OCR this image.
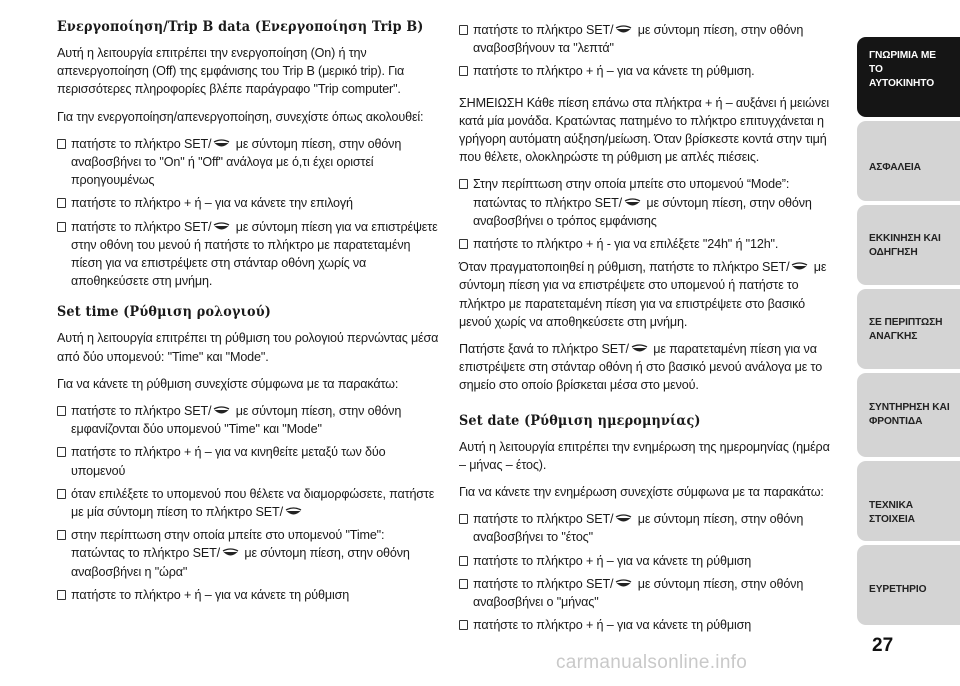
Ενεργοποίηση/Trip B data (Ενεργοποίηση Trip B)

Αυτή η λειτουργία επιτρέπει την ενεργοποίηση (On) ή την απενεργοποίηση (Off) της εμφάνισης του Trip B (μερικό trip). Για περισσότερες πληροφορίες βλέπε παράγραφο "Trip computer".

Για την ενεργοποίηση/απενεργοποίηση, συνεχίστε όπως ακολουθεί:

πατήστε το πλήκτρο SET/ με σύντομη πίεση, στην οθόνη αναβοσβήνει το "On" ή "Off" ανάλογα με ό,τι έχει οριστεί προηγουμένως
πατήστε το πλήκτρο + ή – για να κάνετε την επιλογή
πατήστε το πλήκτρο SET/ με σύντομη πίεση για να επιστρέψετε στην οθόνη του μενού ή πατήστε το πλήκτρο με παρατεταμένη πίεση για να επιστρέψετε στη στάνταρ οθόνη χωρίς να αποθηκεύσετε στη μνήμη.
Set time (Ρύθμιση ρολογιού)

Αυτή η λειτουργία επιτρέπει τη ρύθμιση του ρολογιού περνώντας μέσα από δύο υπομενού: "Time" και "Mode".

Για να κάνετε τη ρύθμιση συνεχίστε σύμφωνα με τα παρακάτω:

πατήστε το πλήκτρο SET/ με σύντομη πίεση, στην οθόνη εμφανίζονται δύο υπομενού "Time" και "Mode"
πατήστε το πλήκτρο + ή – για να κινηθείτε μεταξύ των δύο υπομενού
όταν επιλέξετε το υπομενού που θέλετε να διαμορφώσετε, πατήστε με μία σύντομη πίεση το πλήκτρο SET/
στην περίπτωση στην οποία μπείτε στο υπομενού "Time": πατώντας το πλήκτρο SET/ με σύντομη πίεση, στην οθόνη αναβοσβήνει η "ώρα"
πατήστε το πλήκτρο + ή – για να κάνετε τη ρύθμιση
πατήστε το πλήκτρο SET/ με σύντομη πίεση, στην οθόνη αναβοσβήνουν τα "λεπτά"
πατήστε το πλήκτρο + ή – για να κάνετε τη ρύθμιση.

ΣΗΜΕΙΩΣΗ Κάθε πίεση επάνω στα πλήκτρα + ή – αυξάνει ή μειώνει κατά μία μονάδα. Κρατώντας πατημένο το πλήκτρο επιτυγχάνεται η γρήγορη αυτόματη αύξηση/μείωση. Όταν βρίσκεστε κοντά στην τιμή που θέλετε, ολοκληρώστε τη ρύθμιση με απλές πιέσεις.

Στην περίπτωση στην οποία μπείτε στο υπομενού “Mode”: πατώντας το πλήκτρο SET/ με σύντομη πίεση, στην οθόνη αναβοσβήνει ο τρόπος εμφάνισης
πατήστε το πλήκτρο + ή - για να επιλέξετε "24h" ή "12h".

Όταν πραγματοποιηθεί η ρύθμιση, πατήστε το πλήκτρο SET/ με σύντομη πίεση για να επιστρέψετε στο υπομενού ή πατήστε το πλήκτρο με παρατεταμένη πίεση για να επιστρέψετε στο βασικό μενού χωρίς να αποθηκεύσετε στη μνήμη.

Πατήστε ξανά το πλήκτρο SET/ με παρατεταμένη πίεση για να επιστρέψετε στη στάνταρ οθόνη ή στο βασικό μενού ανάλογα με το σημείο στο οποίο βρίσκεται μέσα στο μενού.

Set date (Ρύθμιση ημερομηνίας)

Αυτή η λειτουργία επιτρέπει την ενημέρωση της ημερομηνίας (ημέρα – μήνας – έτος).

Για να κάνετε την ενημέρωση συνεχίστε σύμφωνα με τα παρακάτω:

πατήστε το πλήκτρο SET/ με σύντομη πίεση, στην οθόνη αναβοσβήνει το "έτος"
πατήστε το πλήκτρο + ή – για να κάνετε τη ρύθμιση
πατήστε το πλήκτρο SET/ με σύντομη πίεση, στην οθόνη αναβοσβήνει ο "μήνας"
πατήστε το πλήκτρο + ή – για να κάνετε τη ρύθμιση
ΓΝΩΡΙΜΙΑ ΜΕ ΤΟ
ΑΥΤΟΚΙΝΗΤΟ
ΑΣΦΑΛΕΙΑ
ΕΚΚΙΝΗΣΗ ΚΑΙ
ΟΔΗΓΗΣΗ
ΣΕ ΠΕΡΙΠΤΩΣΗ
ΑΝΑΓΚΗΣ
ΣΥΝΤΗΡΗΣΗ ΚΑΙ
ΦΡΟΝΤΙΔΑ
ΤΕΧΝΙΚΑ ΣΤΟΙΧΕΙΑ
ΕΥΡΕΤΗΡΙΟ
27
carmanualsonline.info
